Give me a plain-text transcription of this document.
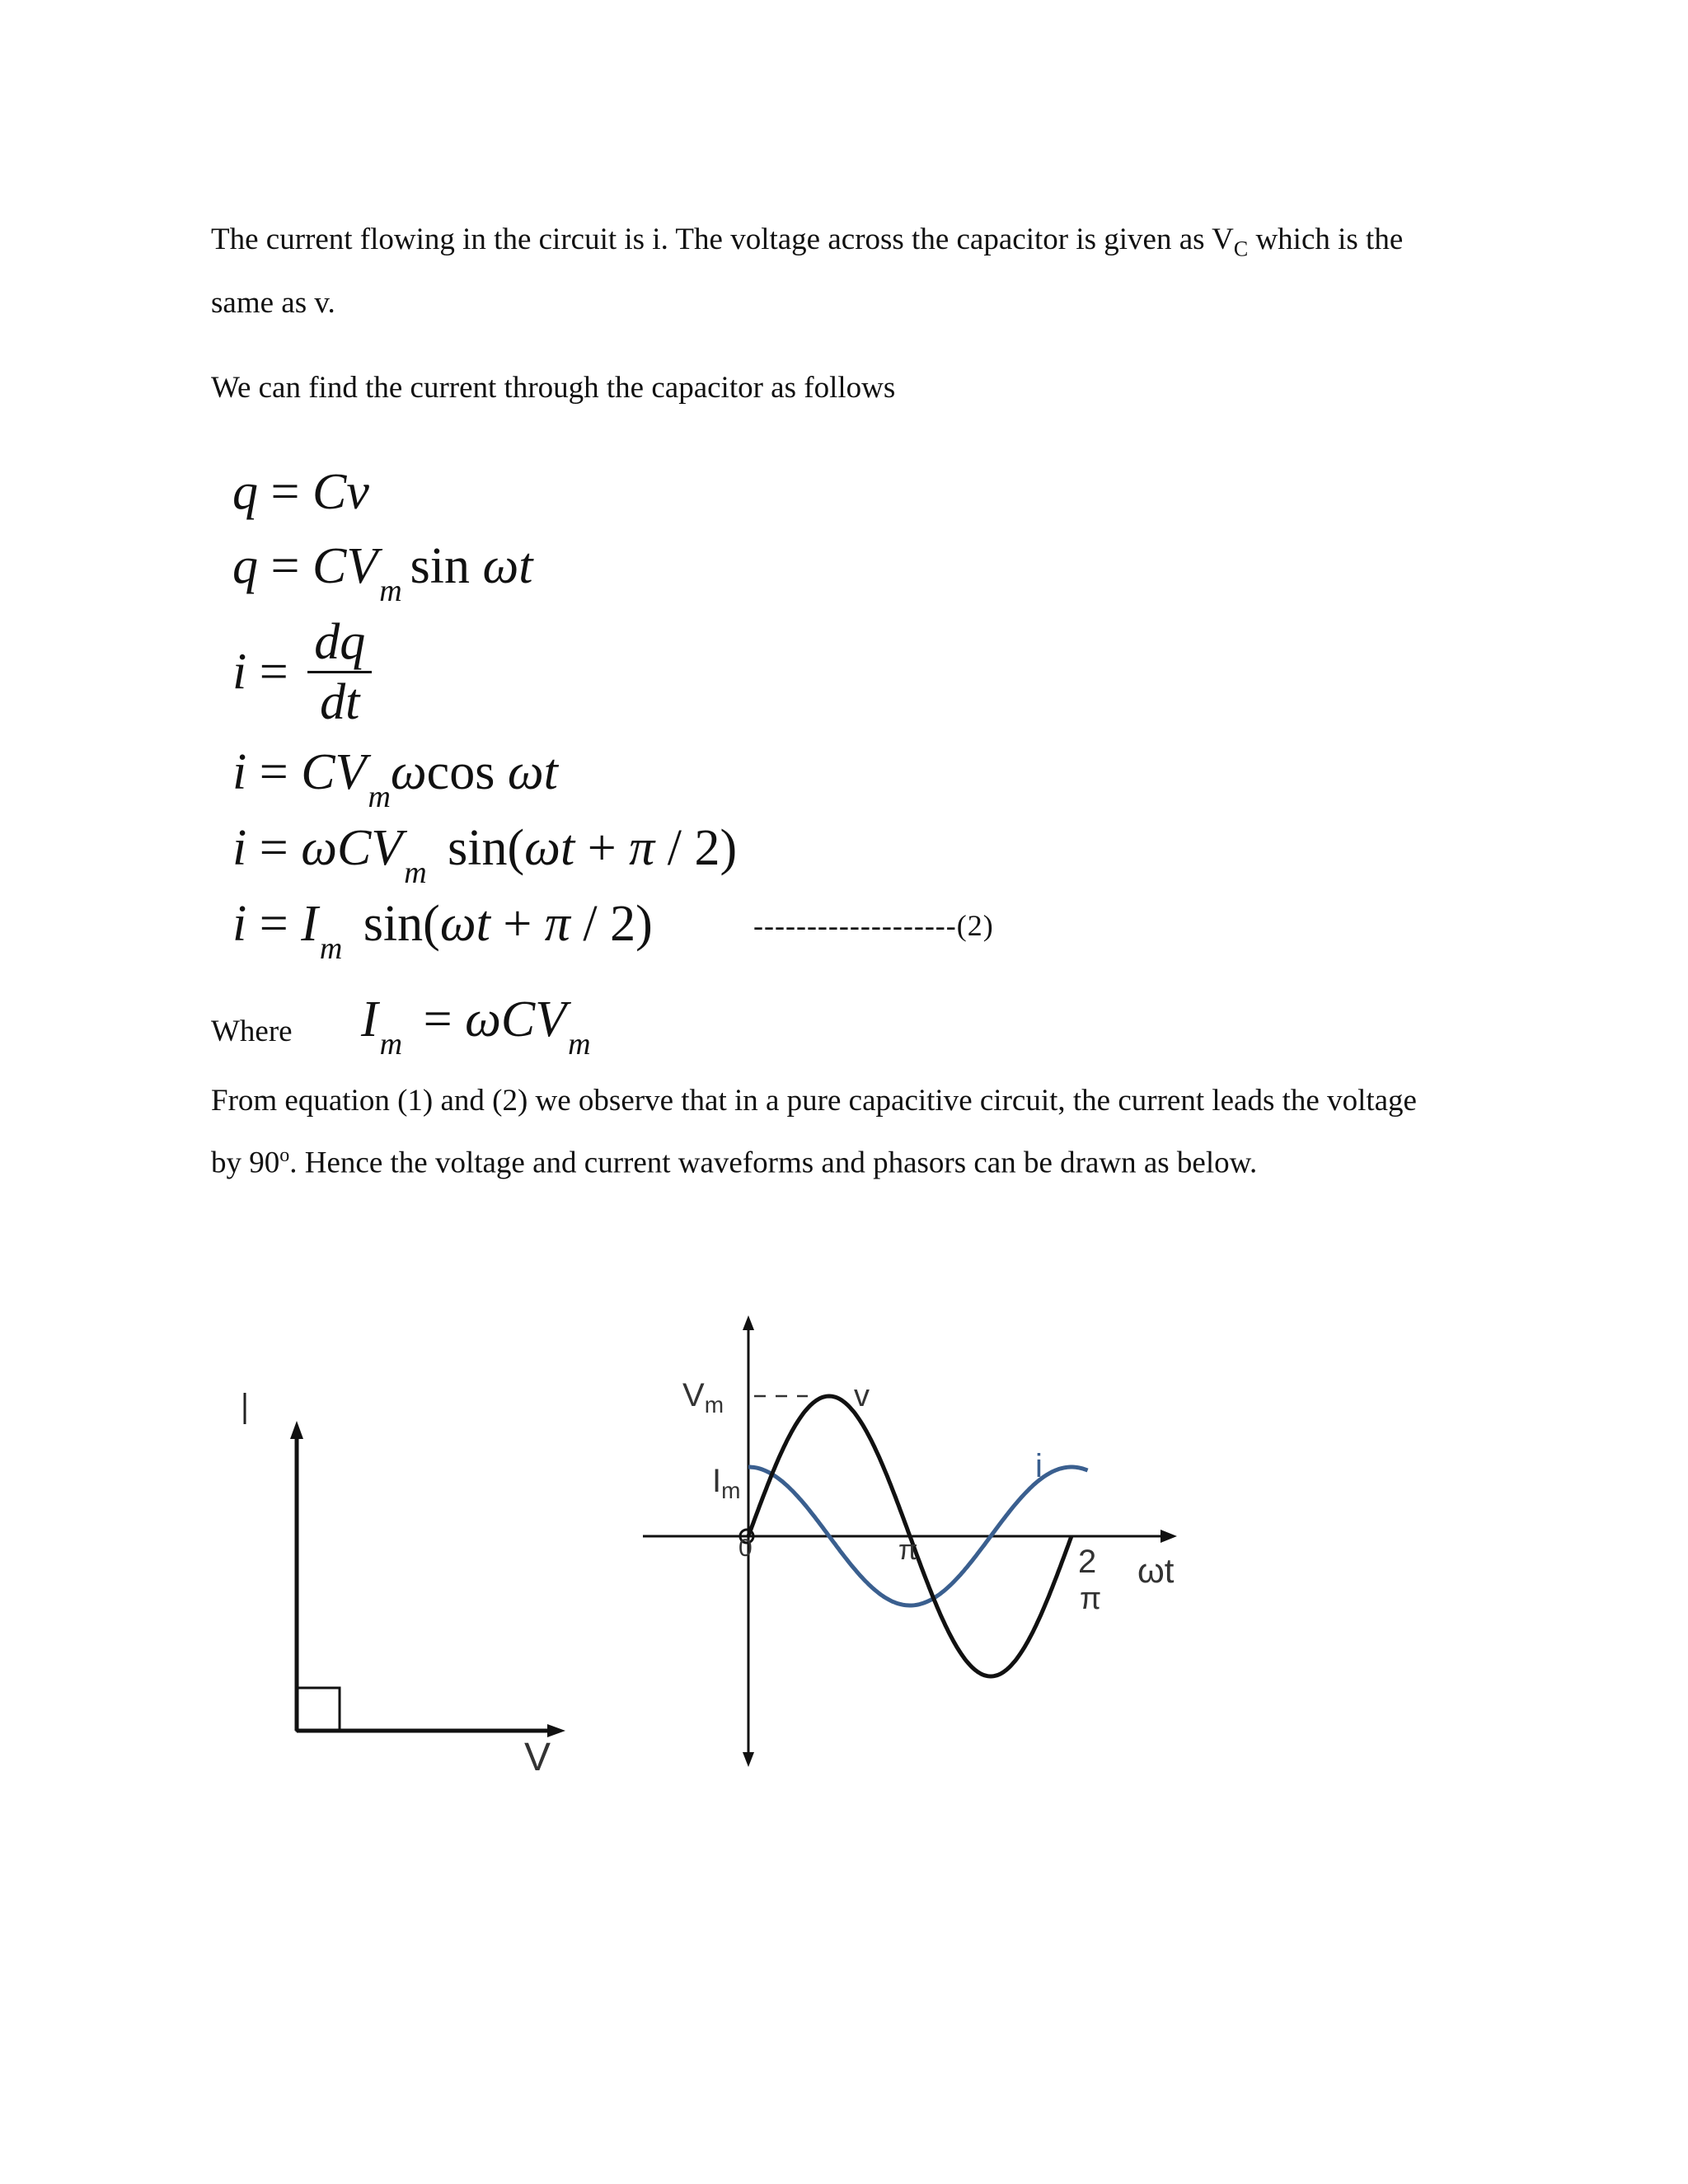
The current flowing in the circuit is i. The voltage across the capacitor is given as $V_C$ which is the
same as v.
We can find the current through the capacitor as follows
q = Cv
$q = CV_m$ sin ωt
$i = \frac{dq}{dt}$
$i = CV_m\omega\cos$ ωt
i = ωCV$_m$ sin(ωt + π / 2)
$i = I_m$ sin(ωt + π / 2)	-------------------(2)
Where $I_m = \omega CV_m$
From equation (1) and (2) we observe that in a pure capacitive circuit, the current leads the voltage
by 90$^o$. Hence the voltage and current waveforms and phasors can be drawn as below.
I
V
$V_m$
$I_m$
v
i
0	π	2
π
ωt
